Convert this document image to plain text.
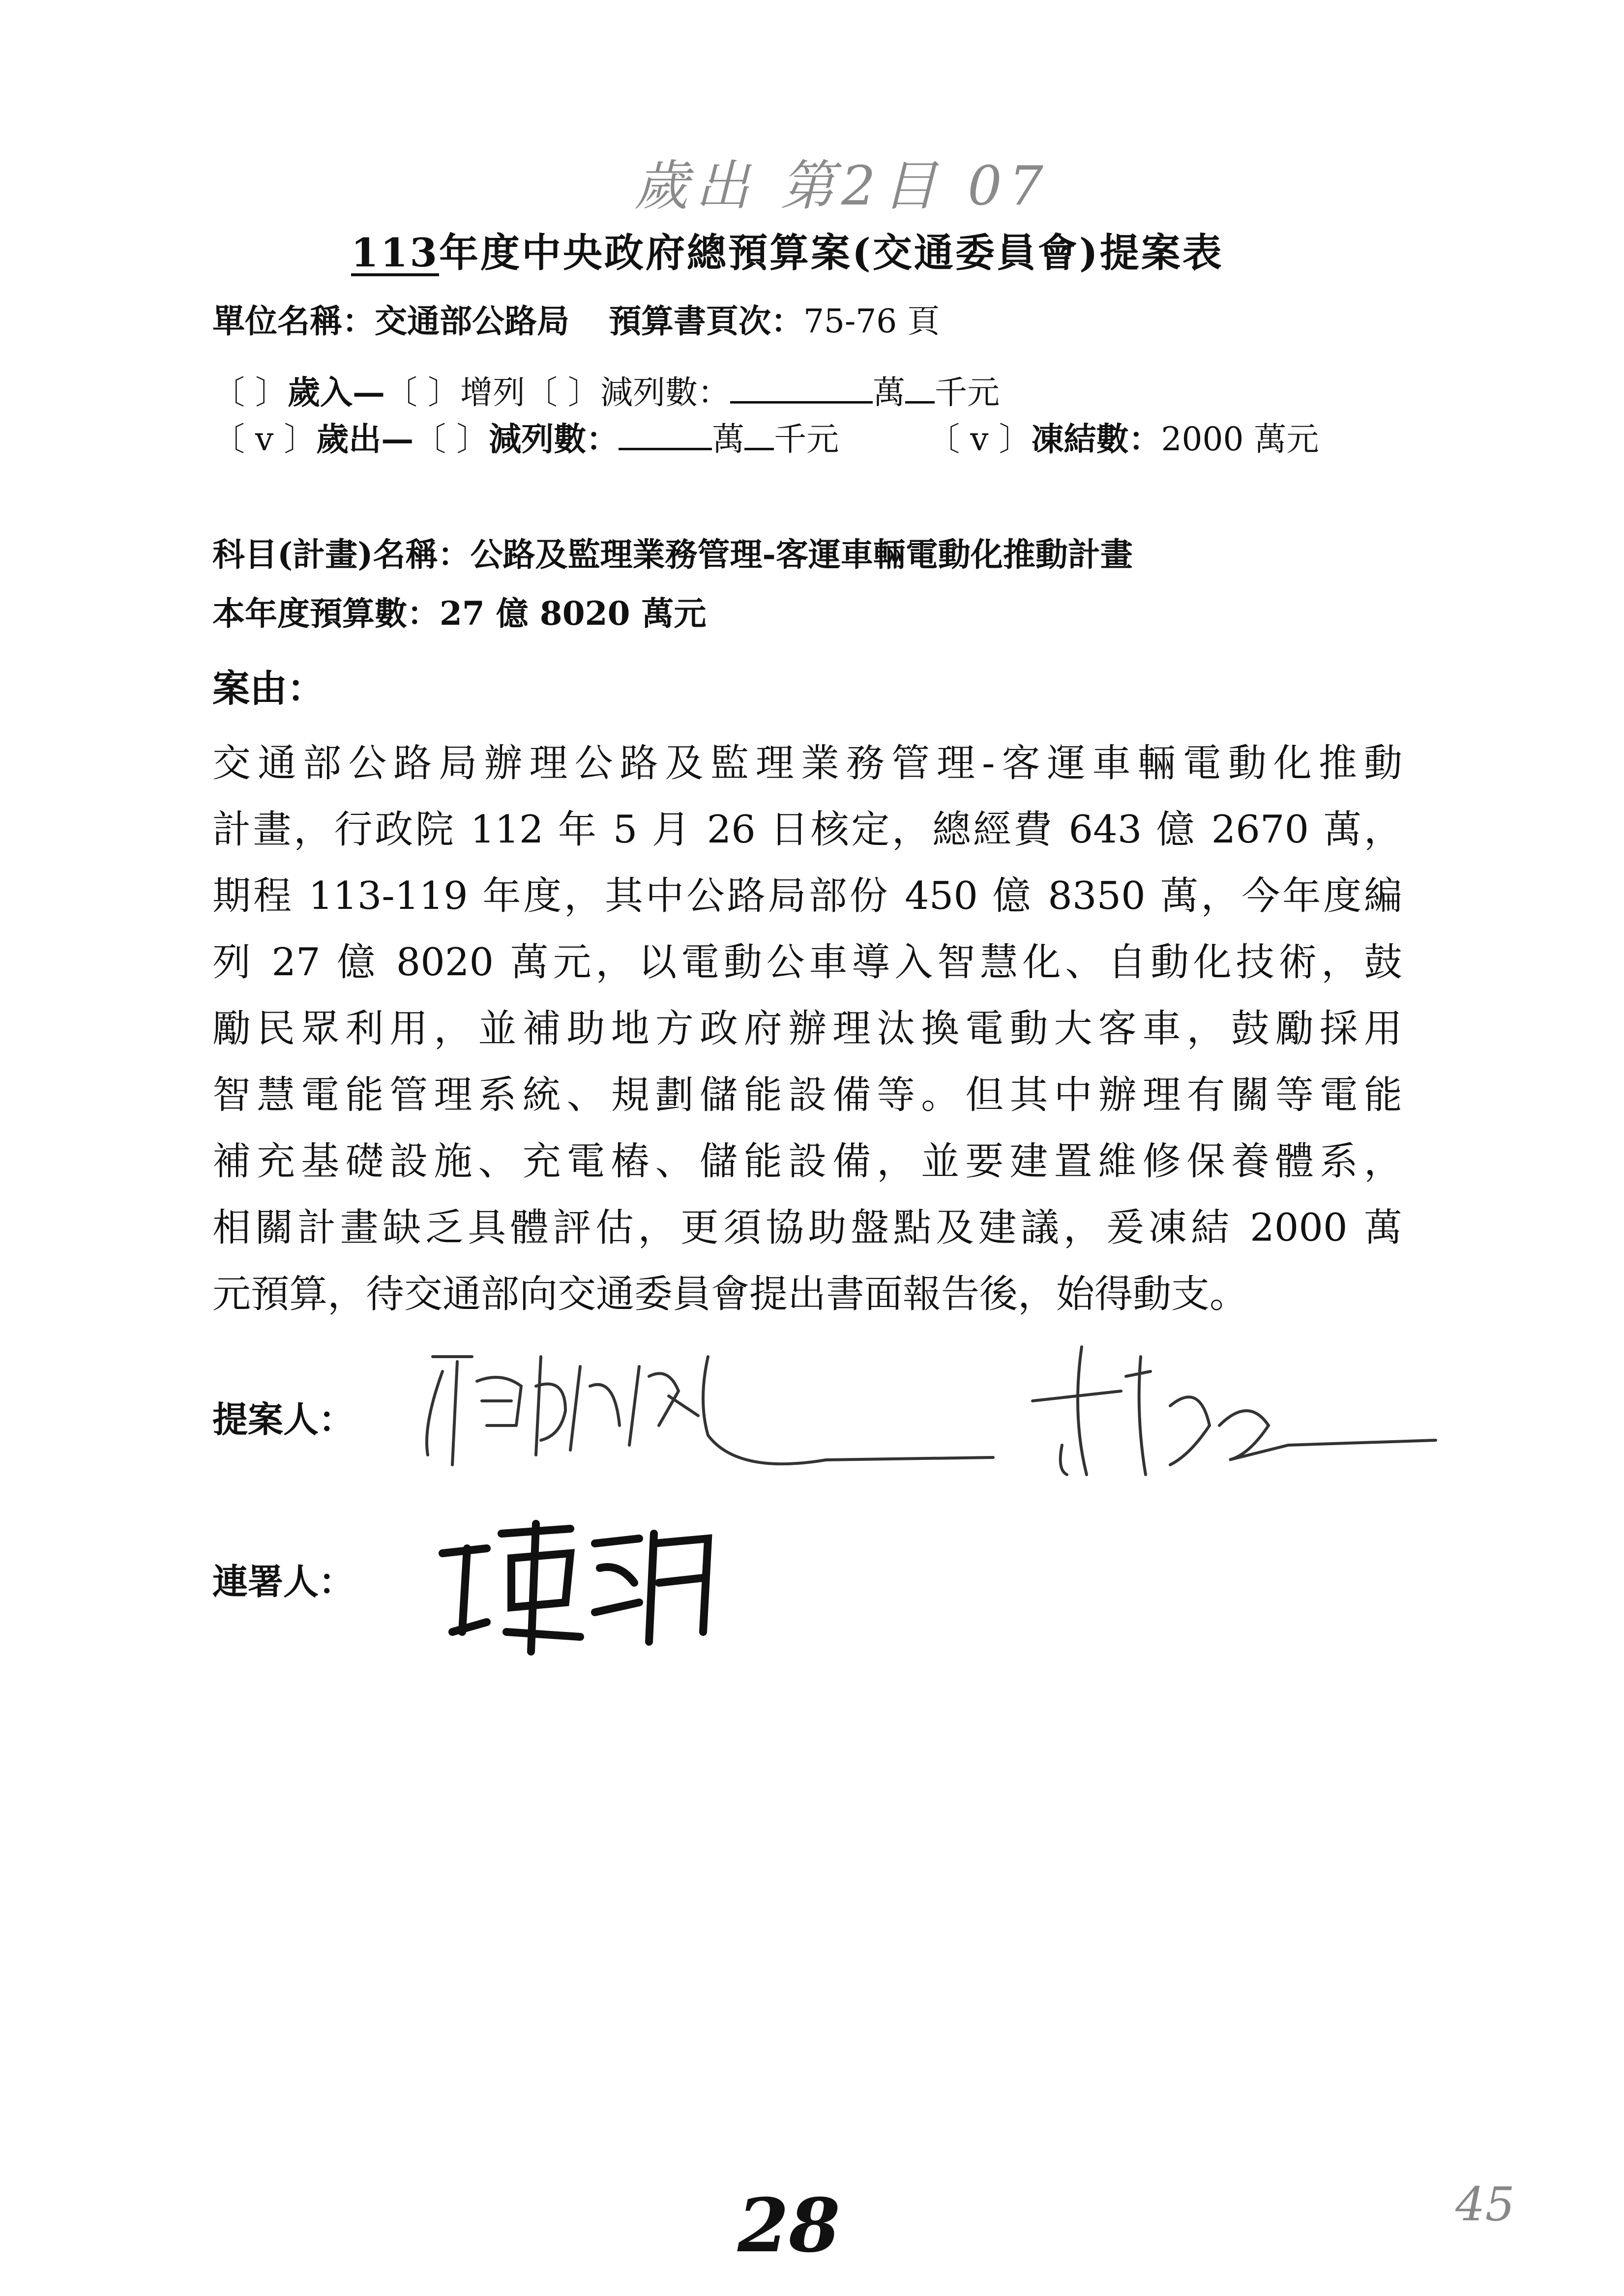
歲出 第2目 07
113年度中央政府總預算案(交通委員會)提案表
單位名稱：交通部公路局 預算書頁次：75-76 頁
〔 〕歲入—〔 〕增列〔 〕減列數：	萬 千元
〔 v 〕歲出—〔 〕減列數：	萬 千元	〔 v 〕凍結數：2000 萬元
科目(計畫)名稱：公路及監理業務管理-客運車輛電動化推動計畫
本年度預算數：27 億 8020 萬元
案由：
交通部公路局辦理公路及監理業務管理-客運車輛電動化推動
計畫，行政院 112 年 5 月 26 日核定，總經費 643 億 2670 萬，
期程 113-119 年度，其中公路局部份 450 億 8350 萬，今年度編
列 27 億 8020 萬元，以電動公車導入智慧化、自動化技術，鼓
勵民眾利用，並補助地方政府辦理汰換電動大客車，鼓勵採用
智慧電能管理系統、規劃儲能設備等。但其中辦理有關等電能
補充基礎設施、充電樁、儲能設備，並要建置維修保養體系，
相關計畫缺乏具體評估，更須協助盤點及建議，爰凍結 2000 萬
元預算，待交通部向交通委員會提出書面報告後，始得動支。
提案人：
連署人：
28	45
